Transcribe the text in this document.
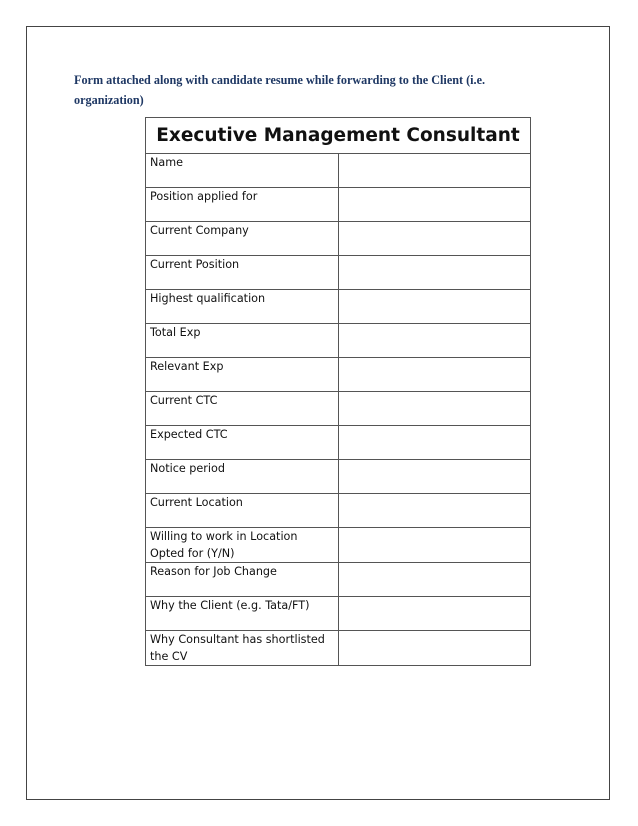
Form attached along with candidate resume while forwarding to the Client (i.e. organization)
Executive Management Consultant	

Name	

Position applied for	

Current Company	

Current Position	

Highest qualification	

Total Exp	

Relevant Exp	

Current CTC	

Expected CTC	

Notice period	

Current Location	

Willing to work in Location Opted for (Y/N)	

Reason for Job Change	

Why the Client (e.g. Tata/FT)	

Why Consultant has shortlisted the CV	
